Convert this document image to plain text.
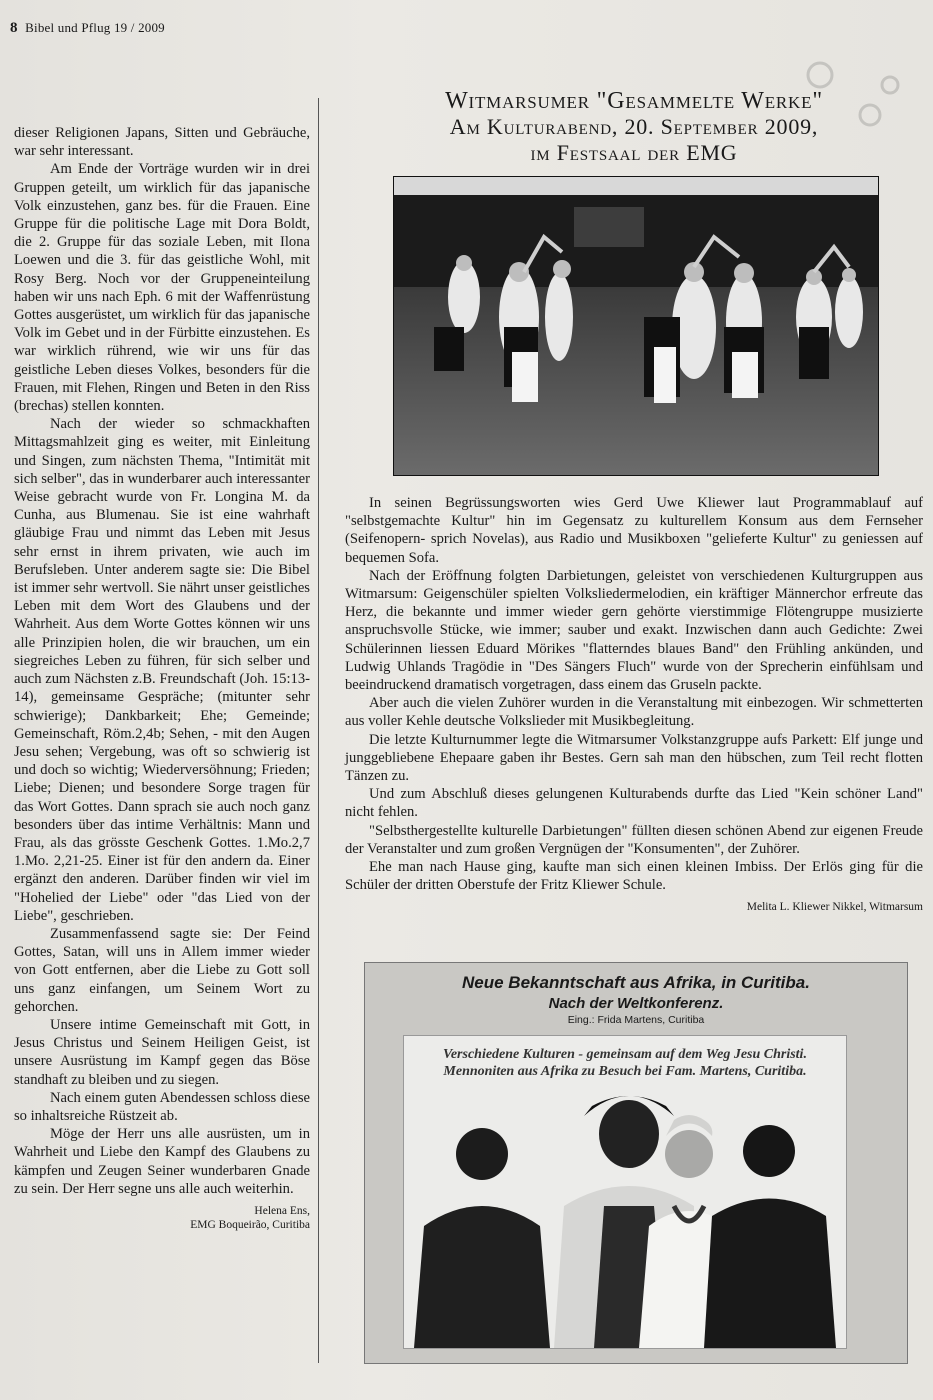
8 Bibel und Pflug 19 / 2009

dieser Religionen Japans, Sitten und Gebräuche, war sehr interessant.

Am Ende der Vorträge wurden wir in drei Gruppen geteilt, um wirklich für das japanische Volk einzustehen, ganz bes. für die Frauen. Eine Gruppe für die politische Lage mit Dora Boldt, die 2. Gruppe für das soziale Leben, mit Ilona Loewen und die 3. für das geistliche Wohl, mit Rosy Berg. Noch vor der Gruppeneinteilung haben wir uns nach Eph. 6 mit der Waffenrüstung Gottes ausgerüstet, um wirklich für das japanische Volk im Gebet und in der Fürbitte einzustehen. Es war wirklich rührend, wie wir uns für das geistliche Leben dieses Volkes, besonders für die Frauen, mit Flehen, Ringen und Beten in den Riss (brechas) stellen konnten.

Nach der wieder so schmackhaften Mittagsmahlzeit ging es weiter, mit Einleitung und Singen, zum nächsten Thema, "Intimität mit sich selber", das in wunderbarer auch interessanter Weise gebracht wurde von Fr. Longina M. da Cunha, aus Blumenau. Sie ist eine wahrhaft gläubige Frau und nimmt das Leben mit Jesus sehr ernst in ihrem privaten, wie auch im Berufsleben. Unter anderem sagte sie: Die Bibel ist immer sehr wertvoll. Sie nährt unser geistliches Leben mit dem Wort des Glaubens und der Wahrheit. Aus dem Worte Gottes können wir uns alle Prinzipien holen, die wir brauchen, um ein siegreiches Leben zu führen, für sich selber und auch zum Nächsten z.B. Freundschaft (Joh. 15:13-14), gemeinsame Gespräche; (mitunter sehr schwierige); Dankbarkeit; Ehe; Gemeinde; Gemeinschaft, Röm.2,4b; Sehen, - mit den Augen Jesu sehen; Vergebung, was oft so schwierig ist und doch so wichtig; Wiederversöhnung; Frieden; Liebe; Dienen; und besondere Sorge tragen für das Wort Gottes. Dann sprach sie auch noch ganz besonders über das intime Verhältnis: Mann und Frau, als das grösste Geschenk Gottes. 1.Mo.2,7 1.Mo. 2,21-25. Einer ist für den andern da. Einer ergänzt den anderen. Darüber finden wir viel im "Hohelied der Liebe" oder "das Lied von der Liebe", geschrieben.

Zusammenfassend sagte sie: Der Feind Gottes, Satan, will uns in Allem immer wieder von Gott entfernen, aber die Liebe zu Gott soll uns ganz einfangen, um Seinem Wort zu gehorchen.

Unsere intime Gemeinschaft mit Gott, in Jesus Christus und Seinem Heiligen Geist, ist unsere Ausrüstung im Kampf gegen das Böse standhaft zu bleiben und zu siegen.

Nach einem guten Abendessen schloss diese so inhaltsreiche Rüstzeit ab.

Möge der Herr uns alle ausrüsten, um in Wahrheit und Liebe den Kampf des Glaubens zu kämpfen und Zeugen Seiner wunderbaren Gnade zu sein. Der Herr segne uns alle auch weiterhin.

Helena Ens,
EMG Boqueirão, Curitiba
Witmarsumer "Gesammelte Werke"
Am Kulturabend, 20. September 2009,
im Festsaal der EMG

In seinen Begrüssungsworten wies Gerd Uwe Kliewer laut Programmablauf auf "selbstgemachte Kultur" hin im Gegensatz zu kulturellem Konsum aus dem Fernseher (Seifenopern- sprich Novelas), aus Radio und Musikboxen "gelieferte Kultur" zu geniessen auf bequemen Sofa.

Nach der Eröffnung folgten Darbietungen, geleistet von verschiedenen Kulturgruppen aus Witmarsum: Geigenschüler spielten Volksliedermelodien, ein kräftiger Männerchor erfreute das Herz, die bekannte und immer wieder gern gehörte vierstimmige Flötengruppe musizierte anspruchsvolle Stücke, wie immer; sauber und exakt. Inzwischen dann auch Gedichte: Zwei Schülerinnen liessen Eduard Mörikes "flatterndes blaues Band" den Frühling ankünden, und Ludwig Uhlands Tragödie in "Des Sängers Fluch" wurde von der Sprecherin einfühlsam und beeindruckend dramatisch vorgetragen, dass einem das Gruseln packte.

Aber auch die vielen Zuhörer wurden in die Veranstaltung mit einbezogen. Wir schmetterten aus voller Kehle deutsche Volkslieder mit Musikbegleitung.

Die letzte Kulturnummer legte die Witmarsumer Volkstanzgruppe aufs Parkett: Elf junge und junggebliebene Ehepaare gaben ihr Bestes. Gern sah man den hübschen, zum Teil recht flotten Tänzen zu.

Und zum Abschluß dieses gelungenen Kulturabends durfte das Lied "Kein schöner Land" nicht fehlen.

"Selbsthergestellte kulturelle Darbietungen" füllten diesen schönen Abend zur eigenen Freude der Veranstalter und zum großen Vergnügen der "Konsumenten", der Zuhörer.

Ehe man nach Hause ging, kaufte man sich einen kleinen Imbiss. Der Erlös ging für die Schüler der dritten Oberstufe der Fritz Kliewer Schule.

Melita L. Kliewer Nikkel, Witmarsum

Neue Bekanntschaft aus Afrika, in Curitiba.
Nach der Weltkonferenz.
Eing.: Frida Martens, Curitiba
Verschiedene Kulturen - gemeinsam auf dem Weg Jesu Christi.
Mennoniten aus Afrika zu Besuch bei Fam. Martens, Curitiba.
